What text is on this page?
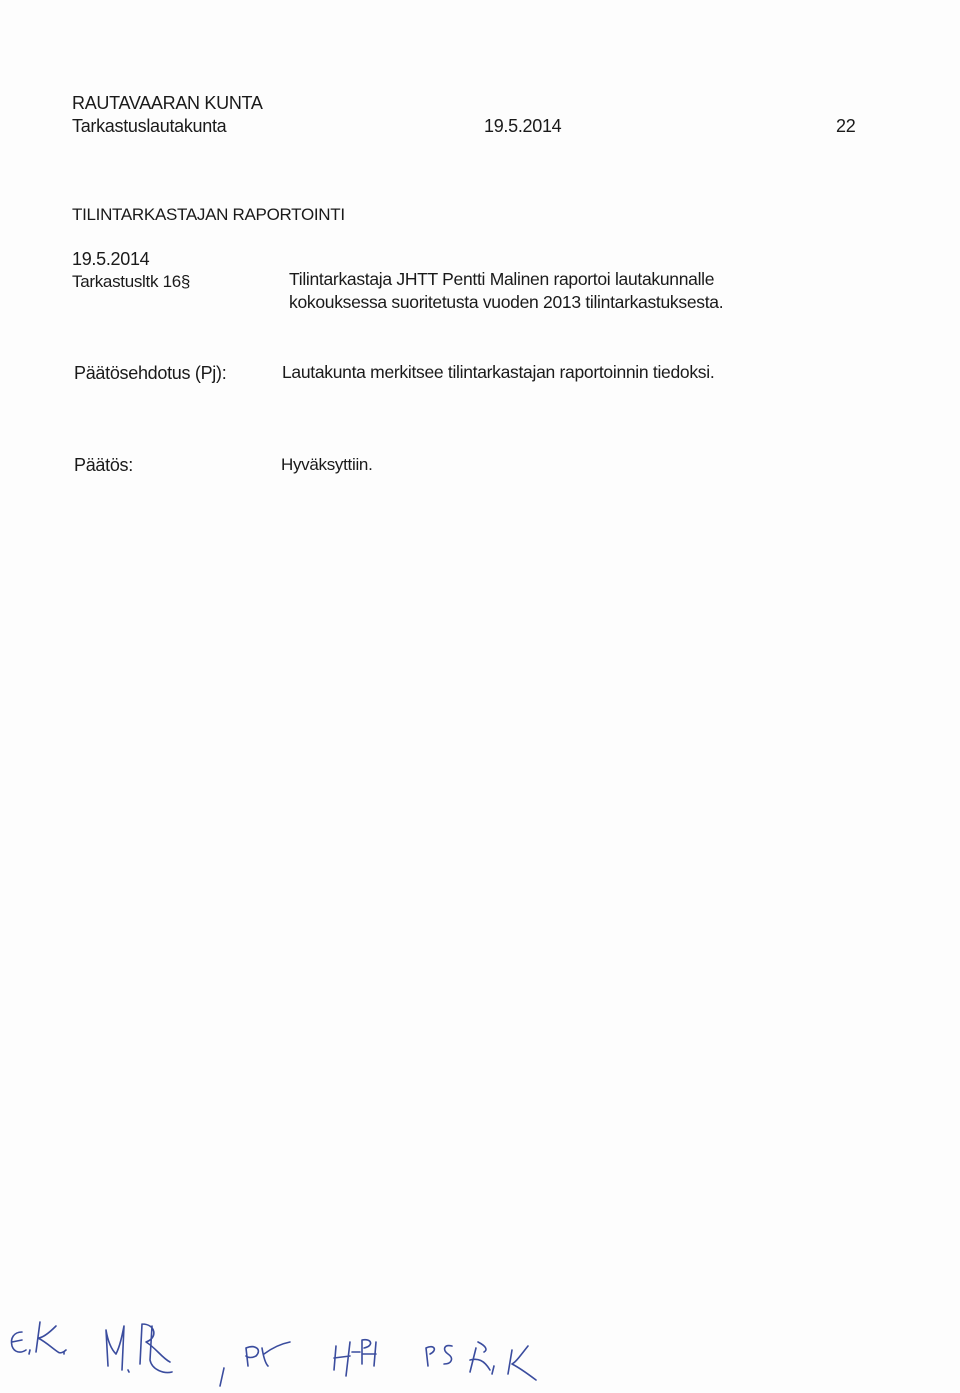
RAUTAVAARAN KUNTA
Tarkastuslautakunta	19.5.2014	22
TILINTARKASTAJAN RAPORTOINTI
19.5.2014
Tarkastusltk 16§	Tilintarkastaja JHTT Pentti Malinen raportoi lautakunnalle
kokouksessa suoritetusta vuoden 2013 tilintarkastuksesta.
Päätösehdotus (Pj):	Lautakunta merkitsee tilintarkastajan raportoinnin tiedoksi.
Päätös:	Hyväksyttiin.
